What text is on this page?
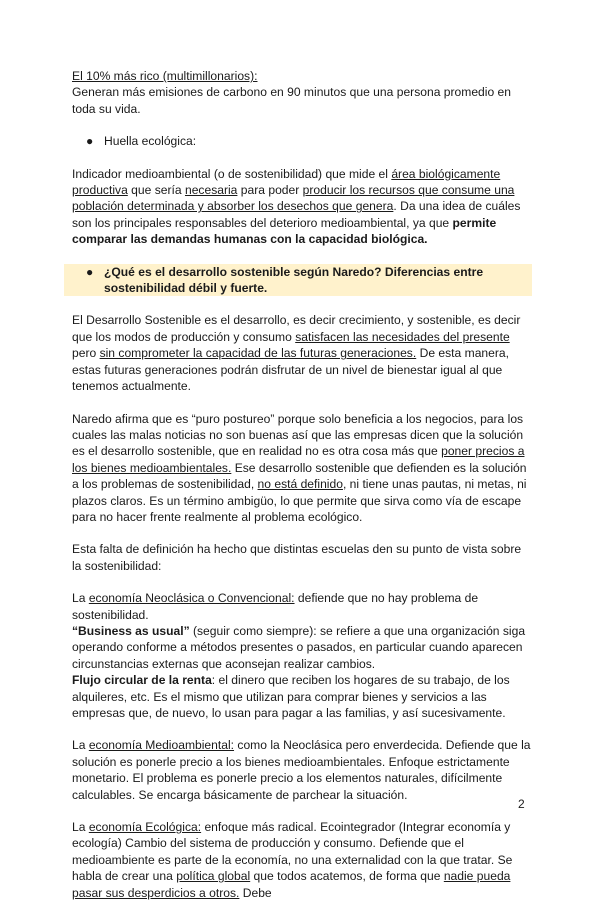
El 10% más rico (multimillonarios):
Generan más emisiones de carbono en 90 minutos que una persona promedio en toda su vida.

● Huella ecológica:

Indicador medioambiental (o de sostenibilidad) que mide el área biológicamente productiva que sería necesaria para poder producir los recursos que consume una población determinada y absorber los desechos que genera. Da una idea de cuáles son los principales responsables del deterioro medioambiental, ya que permite comparar las demandas humanas con la capacidad biológica.

● ¿Qué es el desarrollo sostenible según Naredo? Diferencias entre sostenibilidad débil y fuerte.

El Desarrollo Sostenible es el desarrollo, es decir crecimiento, y sostenible, es decir que los modos de producción y consumo satisfacen las necesidades del presente pero sin comprometer la capacidad de las futuras generaciones. De esta manera, estas futuras generaciones podrán disfrutar de un nivel de bienestar igual al que tenemos actualmente.

Naredo afirma que es “puro postureo” porque solo beneficia a los negocios, para los cuales las malas noticias no son buenas así que las empresas dicen que la solución es el desarrollo sostenible, que en realidad no es otra cosa más que poner precios a los bienes medioambientales. Ese desarrollo sostenible que defienden es la solución a los problemas de sostenibilidad, no está definido, ni tiene unas pautas, ni metas, ni plazos claros. Es un término ambigüo, lo que permite que sirva como vía de escape para no hacer frente realmente al problema ecológico.

Esta falta de definición ha hecho que distintas escuelas den su punto de vista sobre la sostenibilidad:

La economía Neoclásica o Convencional: defiende que no hay problema de sostenibilidad.
“Business as usual” (seguir como siempre): se refiere a que una organización siga operando conforme a métodos presentes o pasados, en particular cuando aparecen circunstancias externas que aconsejan realizar cambios.
Flujo circular de la renta: el dinero que reciben los hogares de su trabajo, de los alquileres, etc. Es el mismo que utilizan para comprar bienes y servicios a las empresas que, de nuevo, lo usan para pagar a las familias, y así sucesivamente.

La economía Medioambiental: como la Neoclásica pero enverdecida. Defiende que la solución es ponerle precio a los bienes medioambientales. Enfoque estrictamente monetario. El problema es ponerle precio a los elementos naturales, difícilmente calculables. Se encarga básicamente de parchear la situación.

La economía Ecológica: enfoque más radical. Ecointegrador (Integrar economía y ecología) Cambio del sistema de producción y consumo. Defiende que el medioambiente es parte de la economía, no una externalidad con la que tratar. Se habla de crear una política global que todos acatemos, de forma que nadie pueda pasar sus desperdicios a otros. Debe

2
